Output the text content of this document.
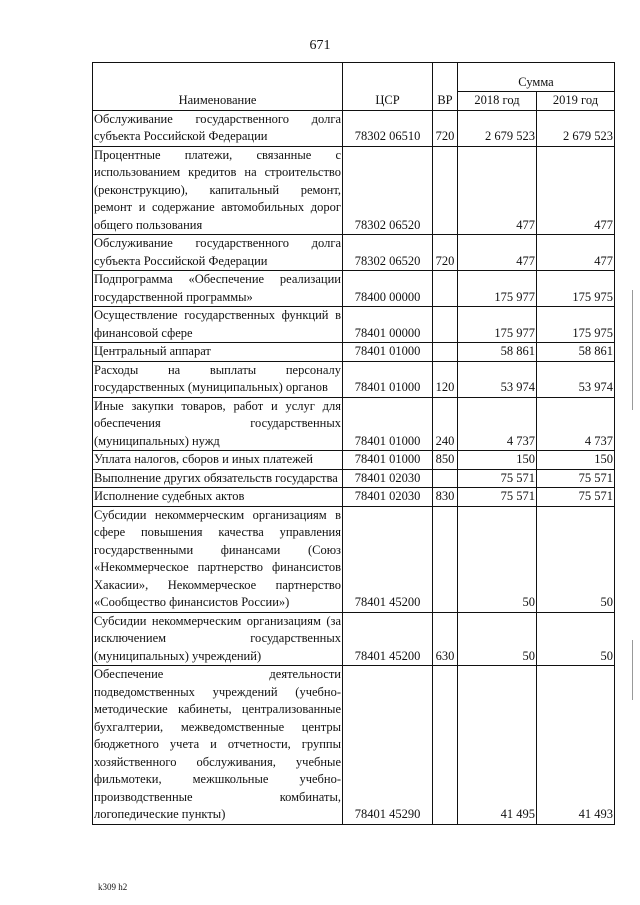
671
Наименование	ЦСР	ВР	Сумма	
			2018 год	2019 год
Обслуживание государственного долга субъекта Российской Федерации	78302 06510	720	2 679 523	2 679 523
Процентные платежи, связанные с использованием кредитов на строительство (реконструкцию), капитальный ремонт, ремонт и содержание автомобильных дорог общего пользования	78302 06520		477	477
Обслуживание государственного долга субъекта Российской Федерации	78302 06520	720	477	477
Подпрограмма «Обеспечение реализации государственной программы»	78400 00000		175 977	175 975
Осуществление государственных функций в финансовой сфере	78401 00000		175 977	175 975
Центральный аппарат	78401 01000		58 861	58 861
Расходы на выплаты персоналу государственных (муниципальных) органов	78401 01000	120	53 974	53 974
Иные закупки товаров, работ и услуг для обеспечения государственных (муниципальных) нужд	78401 01000	240	4 737	4 737
Уплата налогов, сборов и иных платежей	78401 01000	850	150	150
Выполнение других обязательств государства	78401 02030		75 571	75 571
Исполнение судебных актов	78401 02030	830	75 571	75 571
Субсидии некоммерческим организациям в сфере повышения качества управления государственными финансами (Союз «Некоммерческое партнерство финансистов Хакасии», Некоммерческое партнерство «Сообщество финансистов России»)	78401 45200		50	50
Субсидии некоммерческим организациям (за исключением государственных (муниципальных) учреждений)	78401 45200	630	50	50
Обеспечение деятельности подведомственных учреждений (учебно-методические кабинеты, централизованные бухгалтерии, межведомственные центры бюджетного учета и отчетности, группы хозяйственного обслуживания, учебные фильмотеки, межшкольные учебно-производственные комбинаты, логопедические пункты)	78401 45290		41 495	41 493
k309 h2
